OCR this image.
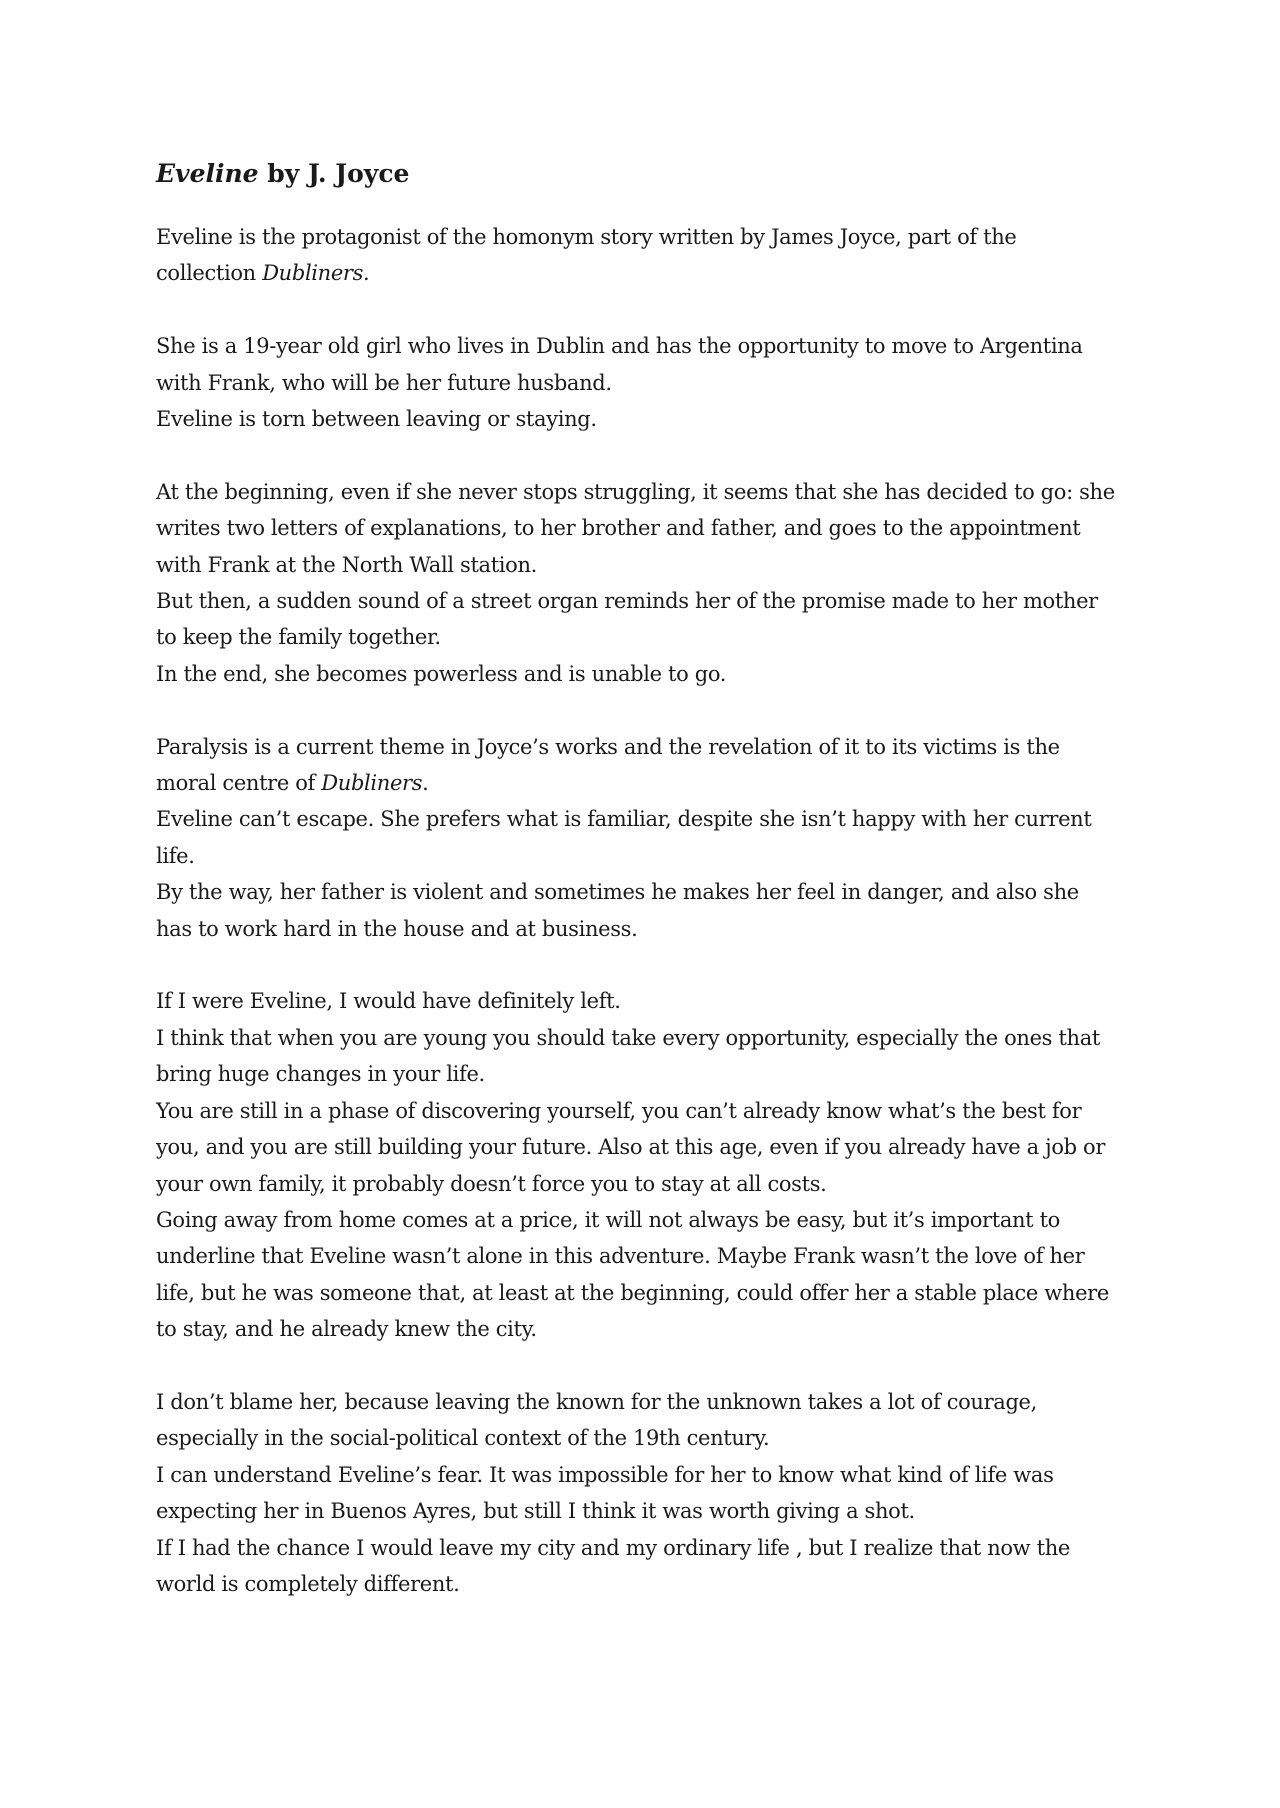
Eveline by J. Joyce

Eveline is the protagonist of the homonym story written by James Joyce, part of the
collection Dubliners.

She is a 19-year old girl who lives in Dublin and has the opportunity to move to Argentina
with Frank, who will be her future husband.
Eveline is torn between leaving or staying.

At the beginning, even if she never stops struggling, it seems that she has decided to go: she
writes two letters of explanations, to her brother and father, and goes to the appointment
with Frank at the North Wall station.
But then, a sudden sound of a street organ reminds her of the promise made to her mother
to keep the family together.
In the end, she becomes powerless and is unable to go.

Paralysis is a current theme in Joyce’s works and the revelation of it to its victims is the
moral centre of Dubliners.
Eveline can’t escape. She prefers what is familiar, despite she isn’t happy with her current
life.
By the way, her father is violent and sometimes he makes her feel in danger, and also she
has to work hard in the house and at business.

If I were Eveline, I would have definitely left.
I think that when you are young you should take every opportunity, especially the ones that
bring huge changes in your life.
You are still in a phase of discovering yourself, you can’t already know what’s the best for
you, and you are still building your future. Also at this age, even if you already have a job or
your own family, it probably doesn’t force you to stay at all costs.
Going away from home comes at a price, it will not always be easy, but it’s important to
underline that Eveline wasn’t alone in this adventure. Maybe Frank wasn’t the love of her
life, but he was someone that, at least at the beginning, could offer her a stable place where
to stay, and he already knew the city.

I don’t blame her, because leaving the known for the unknown takes a lot of courage,
especially in the social-political context of the 19th century.
I can understand Eveline’s fear. It was impossible for her to know what kind of life was
expecting her in Buenos Ayres, but still I think it was worth giving a shot.
If I had the chance I would leave my city and my ordinary life , but I realize that now the
world is completely different.
